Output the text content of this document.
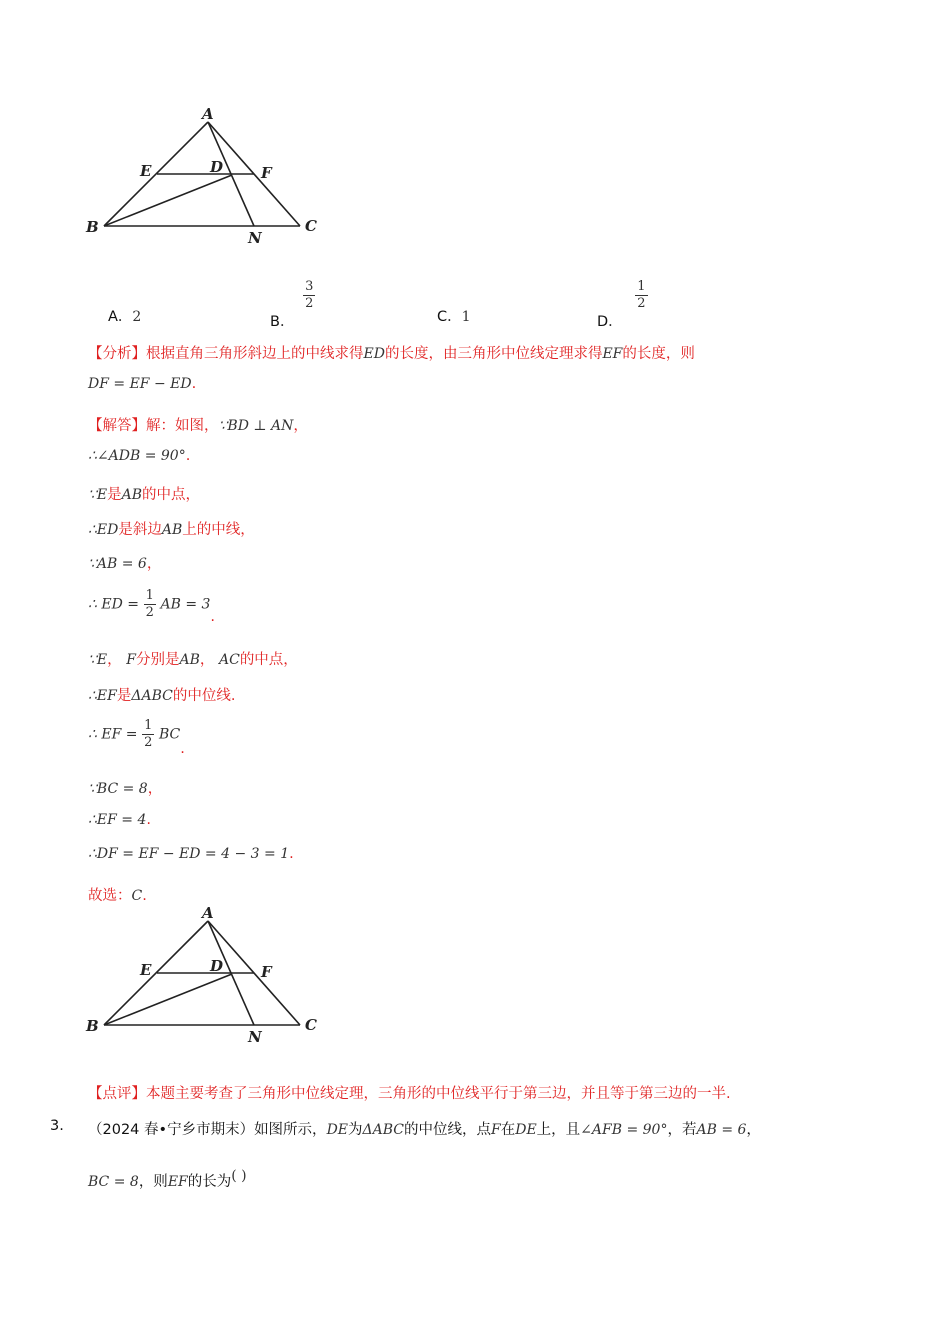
A
E	D	F
B
N
C
A．2	B．
$\frac{3}{2}$
C．1	D．
$\frac{1}{2}$
【分析】根据直角三角形斜边上的中线求得ED的长度，由三角形中位线定理求得EF的长度，则
DF = EF − ED.
【解答】解：如图，∵BD ⊥ AN，
∴∠ADB = 90°.
∵E是AB的中点，
∴ED是斜边AB上的中线，
∵AB = 6，
∴ ED = $\frac{1}{2}$ AB = 3.
∵E， F分别是AB， AC的中点，
∴EF是ΔABC的中位线.
∴ EF = $\frac{1}{2}$ BC.
∵BC = 8，
∴EF = 4.
∴DF = EF − ED = 4 − 3 = 1.
故选：C.
A
E	D	F
B
N
C
【点评】本题主要考查了三角形中位线定理，三角形的中位线平行于第三边，并且等于第三边的一半.
3. （2024 春•宁乡市期末）如图所示，DE为ΔABC的中位线，点F在DE上，且∠AFB = 90°，若AB = 6，
BC = 8，则EF的长为( )
